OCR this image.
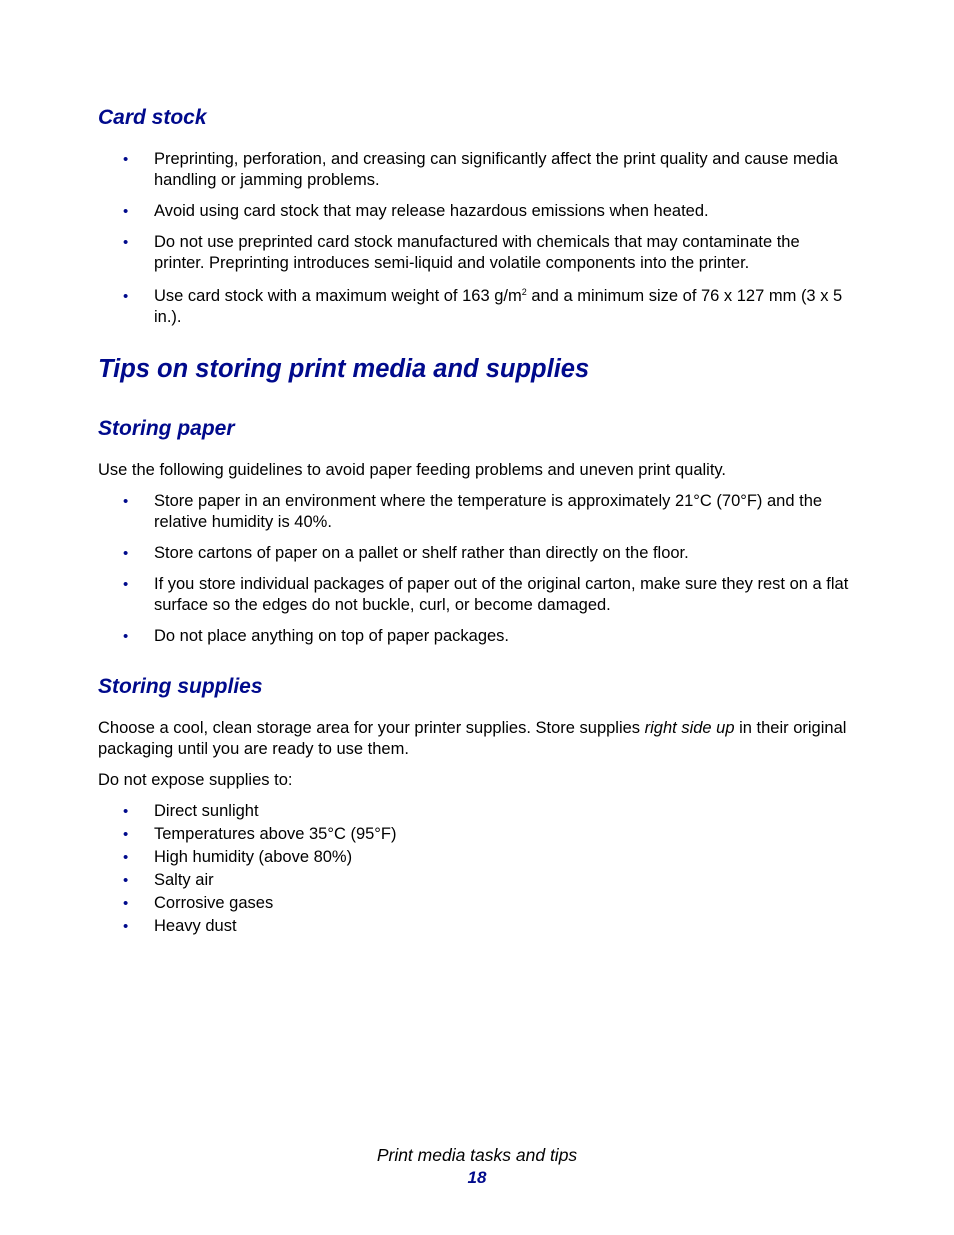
Card stock
• Preprinting, perforation, and creasing can significantly affect the print quality and cause media handling or jamming problems.
• Avoid using card stock that may release hazardous emissions when heated.
• Do not use preprinted card stock manufactured with chemicals that may contaminate the printer. Preprinting introduces semi-liquid and volatile components into the printer.
• Use card stock with a maximum weight of 163 $g/m^2$ and a minimum size of 76 x 127 mm (3 x 5 in.).
Tips on storing print media and supplies
Storing paper

Use the following guidelines to avoid paper feeding problems and uneven print quality.

• Store paper in an environment where the temperature is approximately 21°C (70°F) and the relative humidity is 40%.
• Store cartons of paper on a pallet or shelf rather than directly on the floor.
• If you store individual packages of paper out of the original carton, make sure they rest on a flat surface so the edges do not buckle, curl, or become damaged.
• Do not place anything on top of paper packages.
Storing supplies

Choose a cool, clean storage area for your printer supplies. Store supplies right side up in their original packaging until you are ready to use them.

Do not expose supplies to:

• Direct sunlight
• Temperatures above 35°C (95°F)
• High humidity (above 80%)
• Salty air
• Corrosive gases
• Heavy dust
Print media tasks and tips
18
